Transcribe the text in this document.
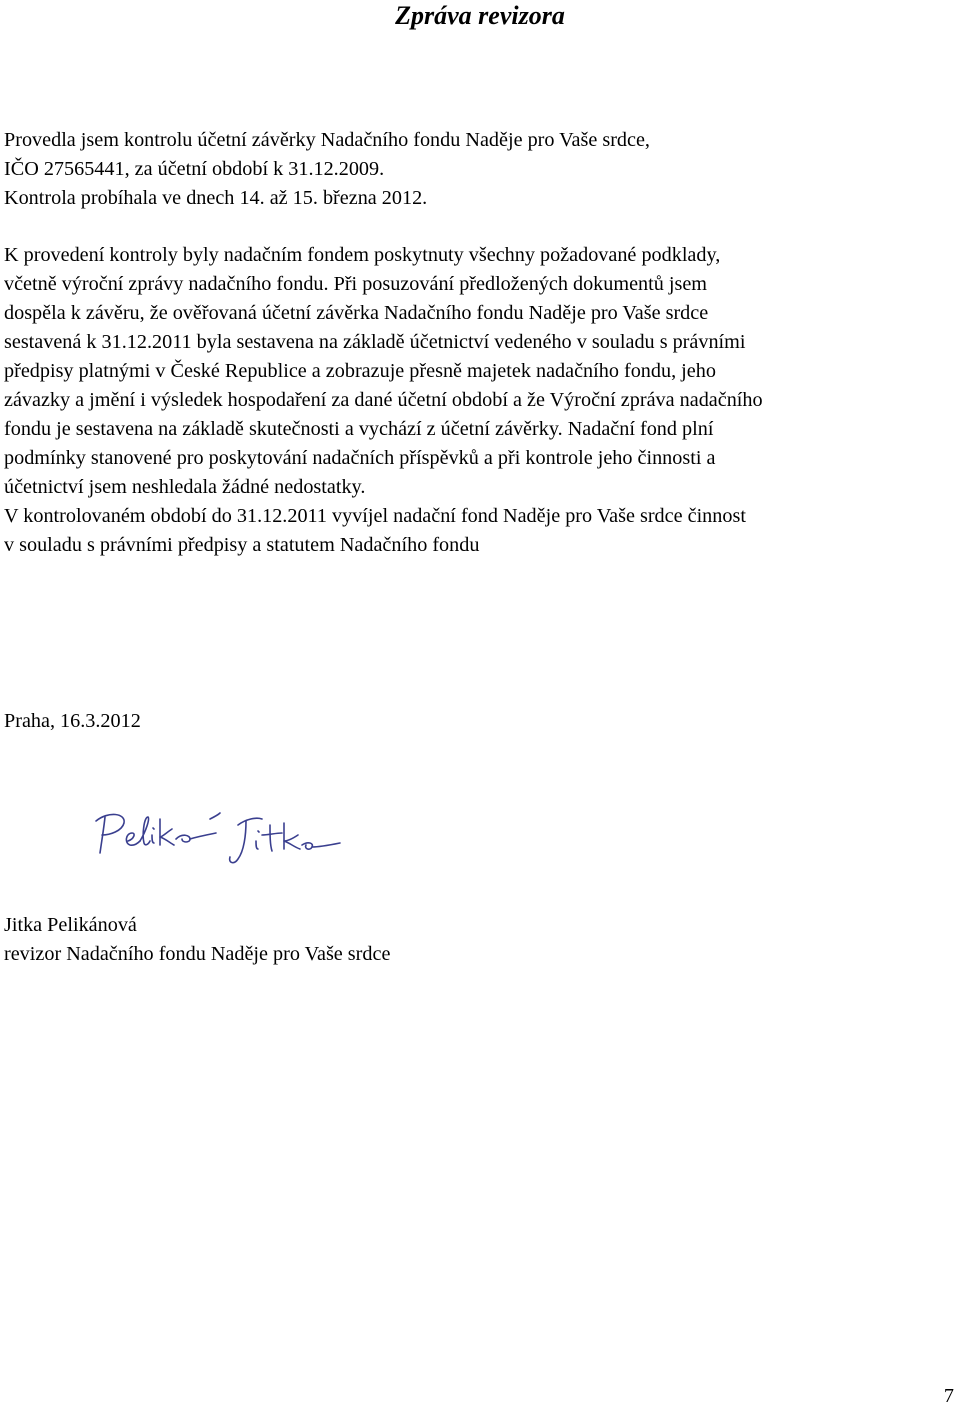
Zpráva revizora

Provedla jsem kontrolu účetní závěrky Nadačního fondu Naděje pro Vaše srdce,
IČO 27565441, za účetní období k 31.12.2009.
Kontrola probíhala ve dnech 14. až 15. března 2012.

K provedení kontroly byly nadačním fondem poskytnuty všechny požadované podklady,
včetně výroční zprávy nadačního fondu. Při posuzování předložených dokumentů jsem
dospěla k závěru, že ověřovaná účetní závěrka Nadačního fondu Naděje pro Vaše srdce
sestavená k 31.12.2011 byla sestavena na základě účetnictví vedeného v souladu s právními
předpisy platnými v České Republice a zobrazuje přesně majetek nadačního fondu, jeho
závazky a jmění i výsledek hospodaření za dané účetní období a že Výroční zpráva nadačního
fondu je sestavena na základě skutečnosti a vychází z účetní závěrky. Nadační fond plní
podmínky stanovené pro poskytování nadačních příspěvků a při kontrole jeho činnosti a
účetnictví jsem neshledala žádné nedostatky.
V kontrolovaném období do 31.12.2011 vyvíjel nadační fond Naděje pro Vaše srdce činnost
v souladu s právními předpisy a statutem Nadačního fondu

Praha, 16.3.2012

Jitka Pelikánová
revizor Nadačního fondu Naděje pro Vaše srdce

7
